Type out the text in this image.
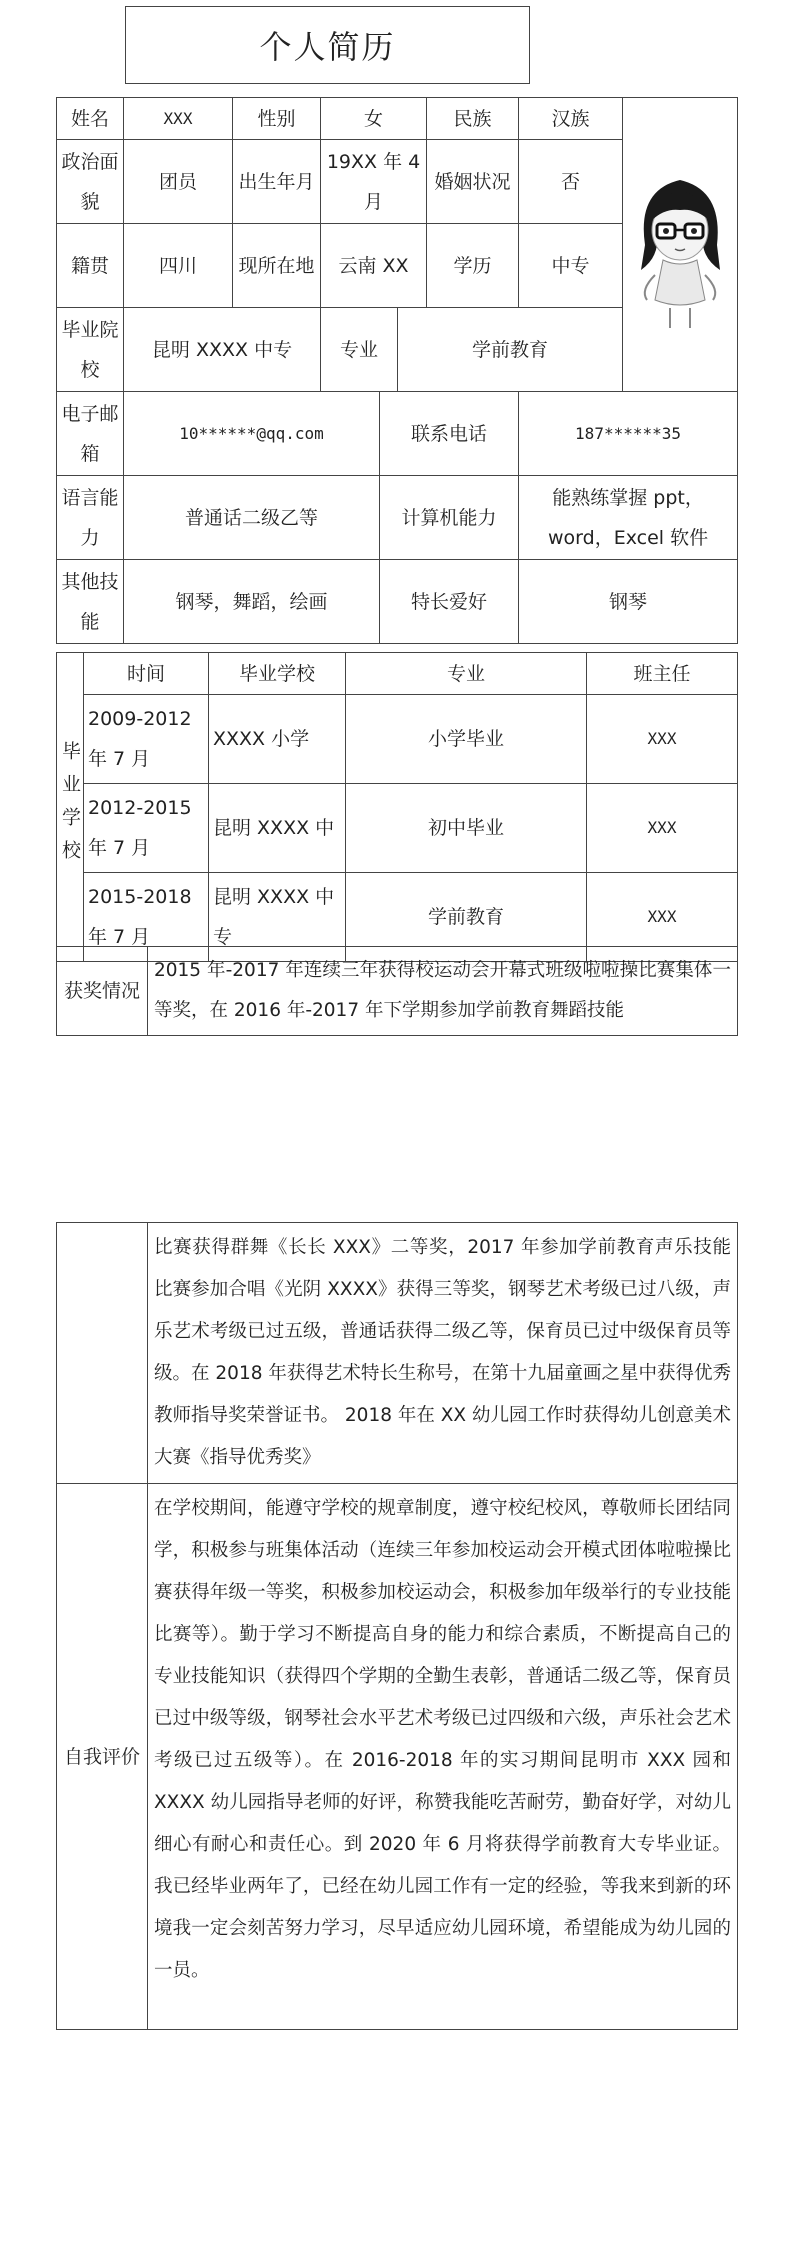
个人简历
姓名	XXX	性别	女			民族	汉族	

政治面貌	团员	出生年月	19XX 年 4 月			婚姻状况	否	
籍贯	四川	现所在地	云南 XX			学历	中专	
毕业院校	昆明 XXXX 中专		专业		学前教育			
电子邮箱	10******@qq.com			联系电话			187******35	
语言能力	普通话二级乙等			计算机能力			能熟练掌握 ppt，word，Excel 软件	
其他技能	钢琴，舞蹈，绘画			特长爱好			钢琴	
毕业学校	时间	毕业学校	专业	班主任
	2009-2012 年 7 月	XXXX 小学	小学毕业	XXX
	2012-2015 年 7 月	昆明 XXXX 中	初中毕业	XXX
	2015-2018 年 7 月	昆明 XXXX 中专	学前教育	XXX
获奖情况	2015 年-2017 年连续三年获得校运动会开幕式班级啦啦操比赛集体一等奖，在 2016 年-2017 年下学期参加学前教育舞蹈技能
	比赛获得群舞《长长 XXX》二等奖，2017 年参加学前教育声乐技能比赛参加合唱《光阴 XXXX》获得三等奖，钢琴艺术考级已过八级，声乐艺术考级已过五级，普通话获得二级乙等，保育员已过中级保育员等级。在 2018 年获得艺术特长生称号，在第十九届童画之星中获得优秀教师指导奖荣誉证书。 2018 年在 XX 幼儿园工作时获得幼儿创意美术大赛《指导优秀奖》
自我评价	在学校期间，能遵守学校的规章制度，遵守校纪校风，尊敬师长团结同学，积极参与班集体活动（连续三年参加校运动会开模式团体啦啦操比赛获得年级一等奖，积极参加校运动会，积极参加年级举行的专业技能比赛等）。勤于学习不断提高自身的能力和综合素质，不断提高自己的专业技能知识（获得四个学期的全勤生表彰，普通话二级乙等，保育员已过中级等级，钢琴社会水平艺术考级已过四级和六级，声乐社会艺术考级已过五级等）。在 2016-2018 年的实习期间昆明市 XXX 园和 XXXX 幼儿园指导老师的好评，称赞我能吃苦耐劳，勤奋好学，对幼儿细心有耐心和责任心。到 2020 年 6 月将获得学前教育大专毕业证。我已经毕业两年了，已经在幼儿园工作有一定的经验，等我来到新的环境我一定会刻苦努力学习，尽早适应幼儿园环境，希望能成为幼儿园的一员。
